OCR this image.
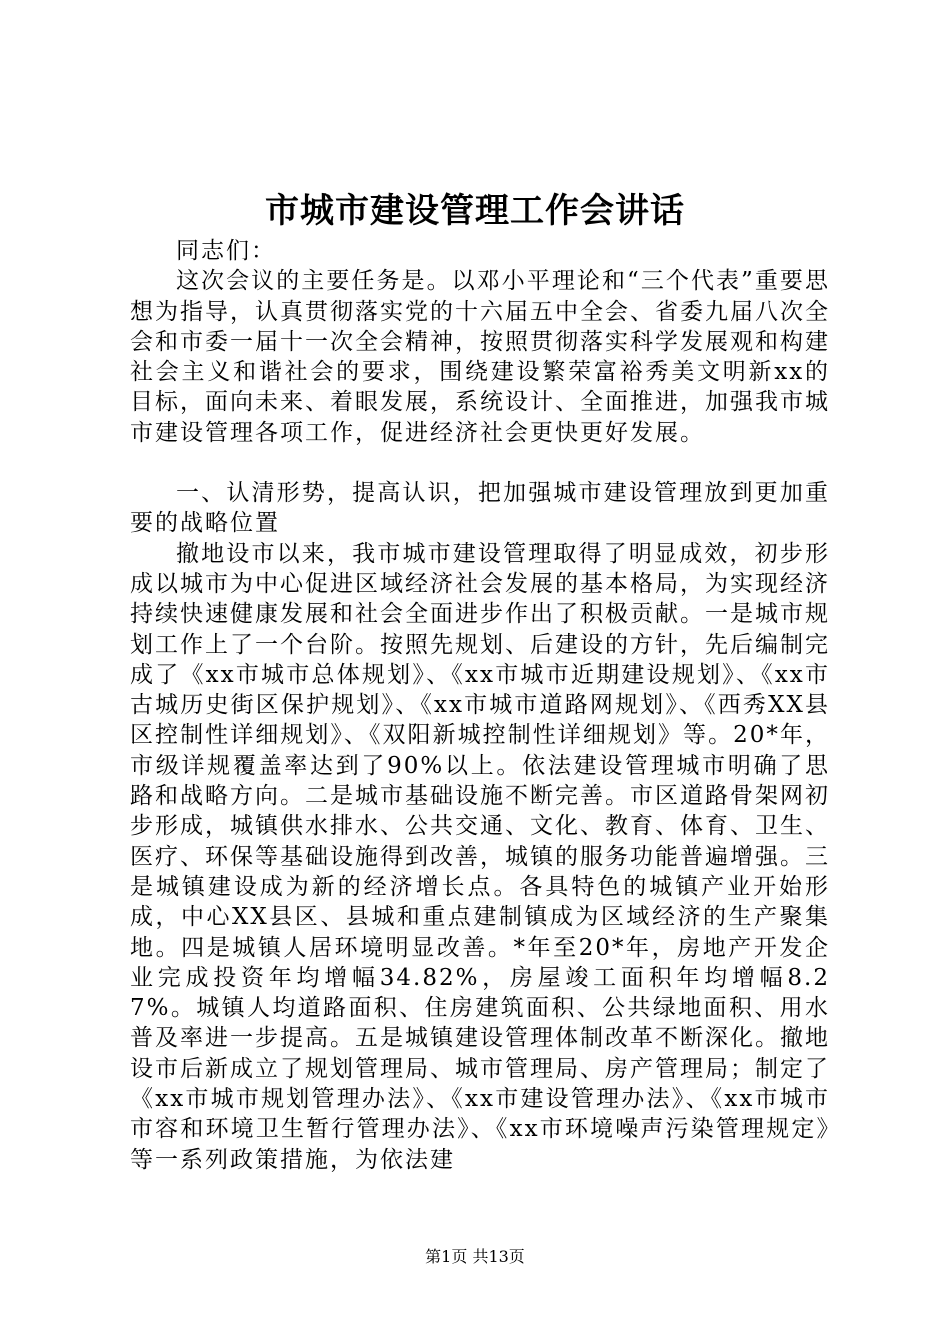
市城市建设管理工作会讲话

同志们：

这次会议的主要任务是。以邓小平理论和“三个代表”重要思想为指导，认真贯彻落实党的十六届五中全会、省委九届八次全会和市委一届十一次全会精神，按照贯彻落实科学发展观和构建社会主义和谐社会的要求，围绕建设繁荣富裕秀美文明新xx的目标，面向未来、着眼发展，系统设计、全面推进，加强我市城市建设管理各项工作，促进经济社会更快更好发展。

一、认清形势，提高认识，把加强城市建设管理放到更加重要的战略位置

撤地设市以来，我市城市建设管理取得了明显成效，初步形成以城市为中心促进区域经济社会发展的基本格局，为实现经济持续快速健康发展和社会全面进步作出了积极贡献。一是城市规划工作上了一个台阶。按照先规划、后建设的方针，先后编制完成了《xx市城市总体规划》、《xx市城市近期建设规划》、《xx市古城历史街区保护规划》、《xx市城市道路网规划》、《西秀XX县区控制性详细规划》、《双阳新城控制性详细规划》等。20*年，市级详规覆盖率达到了90%以上。依法建设管理城市明确了思路和战略方向。二是城市基础设施不断完善。市区道路骨架网初步形成，城镇供水排水、公共交通、文化、教育、体育、卫生、医疗、环保等基础设施得到改善，城镇的服务功能普遍增强。三是城镇建设成为新的经济增长点。各具特色的城镇产业开始形成，中心XX县区、县城和重点建制镇成为区域经济的生产聚集地。四是城镇人居环境明显改善。*年至20*年，房地产开发企业完成投资年均增幅34.82%，房屋竣工面积年均增幅8.27%。城镇人均道路面积、住房建筑面积、公共绿地面积、用水普及率进一步提高。五是城镇建设管理体制改革不断深化。撤地设市后新成立了规划管理局、城市管理局、房产管理局；制定了《xx市城市规划管理办法》、《xx市建设管理办法》、《xx市城市市容和环境卫生暂行管理办法》、《xx市环境噪声污染管理规定》等一系列政策措施，为依法建

第1页 共13页
